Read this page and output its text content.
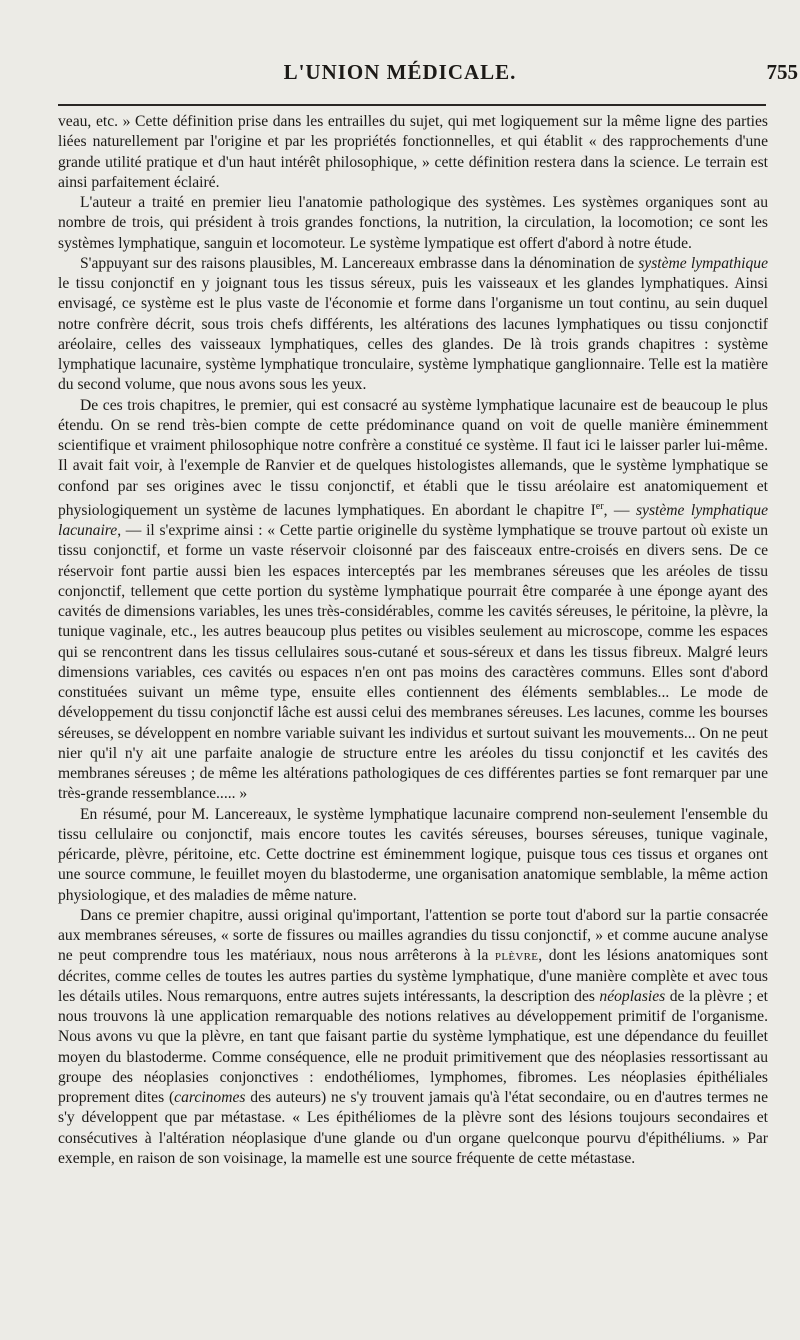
L'UNION MÉDICALE.	755

veau, etc. » Cette définition prise dans les entrailles du sujet, qui met logiquement sur la même ligne des parties liées naturellement par l'origine et par les propriétés fonctionnelles, et qui établit « des rapprochements d'une grande utilité pratique et d'un haut intérêt philosophique, » cette définition restera dans la science. Le terrain est ainsi parfaitement éclairé.

L'auteur a traité en premier lieu l'anatomie pathologique des systèmes. Les systèmes organiques sont au nombre de trois, qui président à trois grandes fonctions, la nutrition, la circulation, la locomotion; ce sont les systèmes lymphatique, sanguin et locomoteur. Le système lympatique est offert d'abord à notre étude.

S'appuyant sur des raisons plausibles, M. Lancereaux embrasse dans la dénomination de système lympathique le tissu conjonctif en y joignant tous les tissus séreux, puis les vaisseaux et les glandes lymphatiques. Ainsi envisagé, ce système est le plus vaste de l'économie et forme dans l'organisme un tout continu, au sein duquel notre confrère décrit, sous trois chefs différents, les altérations des lacunes lymphatiques ou tissu conjonctif aréolaire, celles des vaisseaux lymphatiques, celles des glandes. De là trois grands chapitres : système lymphatique lacunaire, système lymphatique tronculaire, système lymphatique ganglionnaire. Telle est la matière du second volume, que nous avons sous les yeux.

De ces trois chapitres, le premier, qui est consacré au système lymphatique lacunaire est de beaucoup le plus étendu. On se rend très-bien compte de cette prédominance quand on voit de quelle manière éminemment scientifique et vraiment philosophique notre confrère a constitué ce système. Il faut ici le laisser parler lui-même. Il avait fait voir, à l'exemple de Ranvier et de quelques histologistes allemands, que le système lymphatique se confond par ses origines avec le tissu conjonctif, et établi que le tissu aréolaire est anatomiquement et physiologiquement un système de lacunes lymphatiques. En abordant le chapitre Ier, — système lymphatique lacunaire, — il s'exprime ainsi : « Cette partie originelle du système lymphatique se trouve partout où existe un tissu conjonctif, et forme un vaste réservoir cloisonné par des faisceaux entre-croisés en divers sens. De ce réservoir font partie aussi bien les espaces interceptés par les membranes séreuses que les aréoles de tissu conjonctif, tellement que cette portion du système lymphatique pourrait être comparée à une éponge ayant des cavités de dimensions variables, les unes très-considérables, comme les cavités séreuses, le péritoine, la plèvre, la tunique vaginale, etc., les autres beaucoup plus petites ou visibles seulement au microscope, comme les espaces qui se rencontrent dans les tissus cellulaires sous-cutané et sous-séreux et dans les tissus fibreux. Malgré leurs dimensions variables, ces cavités ou espaces n'en ont pas moins des caractères communs. Elles sont d'abord constituées suivant un même type, ensuite elles contiennent des éléments semblables... Le mode de développement du tissu conjonctif lâche est aussi celui des membranes séreuses. Les lacunes, comme les bourses séreuses, se développent en nombre variable suivant les individus et surtout suivant les mouvements... On ne peut nier qu'il n'y ait une parfaite analogie de structure entre les aréoles du tissu conjonctif et les cavités des membranes séreuses ; de même les altérations pathologiques de ces différentes parties se font remarquer par une très-grande ressemblance..... »

En résumé, pour M. Lancereaux, le système lymphatique lacunaire comprend non-seulement l'ensemble du tissu cellulaire ou conjonctif, mais encore toutes les cavités séreuses, bourses séreuses, tunique vaginale, péricarde, plèvre, péritoine, etc. Cette doctrine est éminemment logique, puisque tous ces tissus et organes ont une source commune, le feuillet moyen du blastoderme, une organisation anatomique semblable, la même action physiologique, et des maladies de même nature.

Dans ce premier chapitre, aussi original qu'important, l'attention se porte tout d'abord sur la partie consacrée aux membranes séreuses, « sorte de fissures ou mailles agrandies du tissu conjonctif, » et comme aucune analyse ne peut comprendre tous les matériaux, nous nous arrêterons à la plèvre, dont les lésions anatomiques sont décrites, comme celles de toutes les autres parties du système lymphatique, d'une manière complète et avec tous les détails utiles. Nous remarquons, entre autres sujets intéressants, la description des néoplasies de la plèvre ; et nous trouvons là une application remarquable des notions relatives au développement primitif de l'organisme. Nous avons vu que la plèvre, en tant que faisant partie du système lymphatique, est une dépendance du feuillet moyen du blastoderme. Comme conséquence, elle ne produit primitivement que des néoplasies ressortissant au groupe des néoplasies conjonctives : endothéliomes, lymphomes, fibromes. Les néoplasies épithéliales proprement dites (carcinomes des auteurs) ne s'y trouvent jamais qu'à l'état secondaire, ou en d'autres termes ne s'y développent que par métastase. « Les épithéliomes de la plèvre sont des lésions toujours secondaires et consécutives à l'altération néoplasique d'une glande ou d'un organe quelconque pourvu d'épithéliums. » Par exemple, en raison de son voisinage, la mamelle est une source fréquente de cette métastase.
